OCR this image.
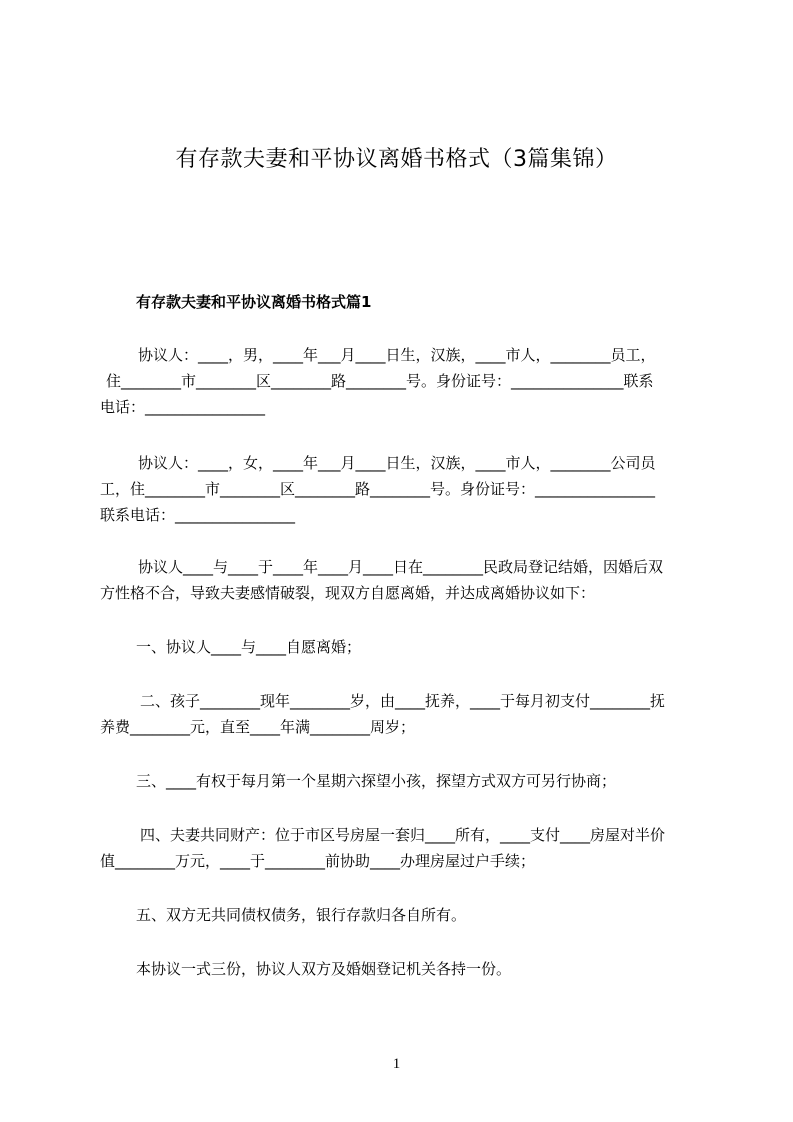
有存款夫妻和平协议离婚书格式（3篇集锦）
有存款夫妻和平协议离婚书格式篇1

协议人：____，男，____年___月____日生，汉族，____市人，________员工，

住________市________区________路________号。身份证号：_______________联系

电话：________________

协议人：____，女，____年___月____日生，汉族，____市人，________公司员

工，住________市________区________路________号。身份证号：________________

联系电话：________________

协议人____与____于____年____月____日在________民政局登记结婚，因婚后双

方性格不合，导致夫妻感情破裂，现双方自愿离婚，并达成离婚协议如下：

一、协议人____与____自愿离婚；

二、孩子________现年________岁，由____抚养，____于每月初支付________抚

养费________元，直至____年满________周岁；

三、____有权于每月第一个星期六探望小孩，探望方式双方可另行协商；

四、夫妻共同财产：位于市区号房屋一套归____所有，____支付____房屋对半价

值________万元，____于________前协助____办理房屋过户手续；

五、双方无共同债权债务，银行存款归各自所有。

本协议一式三份，协议人双方及婚姻登记机关各持一份。

1
